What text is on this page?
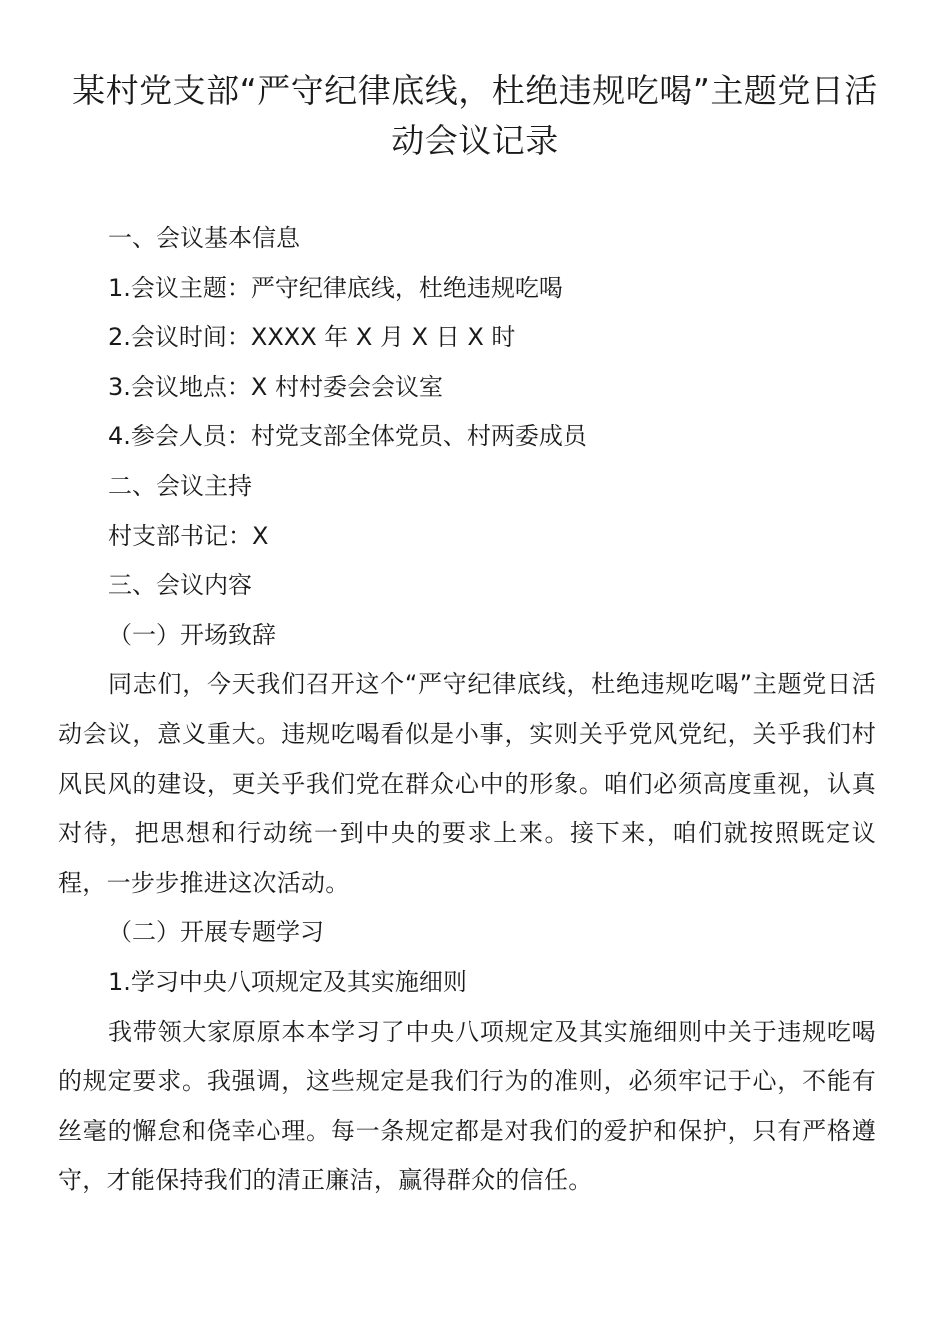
某村党支部“严守纪律底线，杜绝违规吃喝”主题党日活动会议记录

一、会议基本信息

1.会议主题：严守纪律底线，杜绝违规吃喝

2.会议时间：XXXX 年 X 月 X 日 X 时

3.会议地点：X 村村委会会议室

4.参会人员：村党支部全体党员、村两委成员

二、会议主持

村支部书记：X

三、会议内容

（一）开场致辞

同志们，今天我们召开这个“严守纪律底线，杜绝违规吃喝”主题党日活动会议，意义重大。违规吃喝看似是小事，实则关乎党风党纪，关乎我们村风民风的建设，更关乎我们党在群众心中的形象。咱们必须高度重视，认真对待，把思想和行动统一到中央的要求上来。接下来，咱们就按照既定议程，一步步推进这次活动。

（二）开展专题学习

1.学习中央八项规定及其实施细则

我带领大家原原本本学习了中央八项规定及其实施细则中关于违规吃喝的规定要求。我强调，这些规定是我们行为的准则，必须牢记于心，不能有丝毫的懈怠和侥幸心理。每一条规定都是对我们的爱护和保护，只有严格遵守，才能保持我们的清正廉洁，赢得群众的信任。
